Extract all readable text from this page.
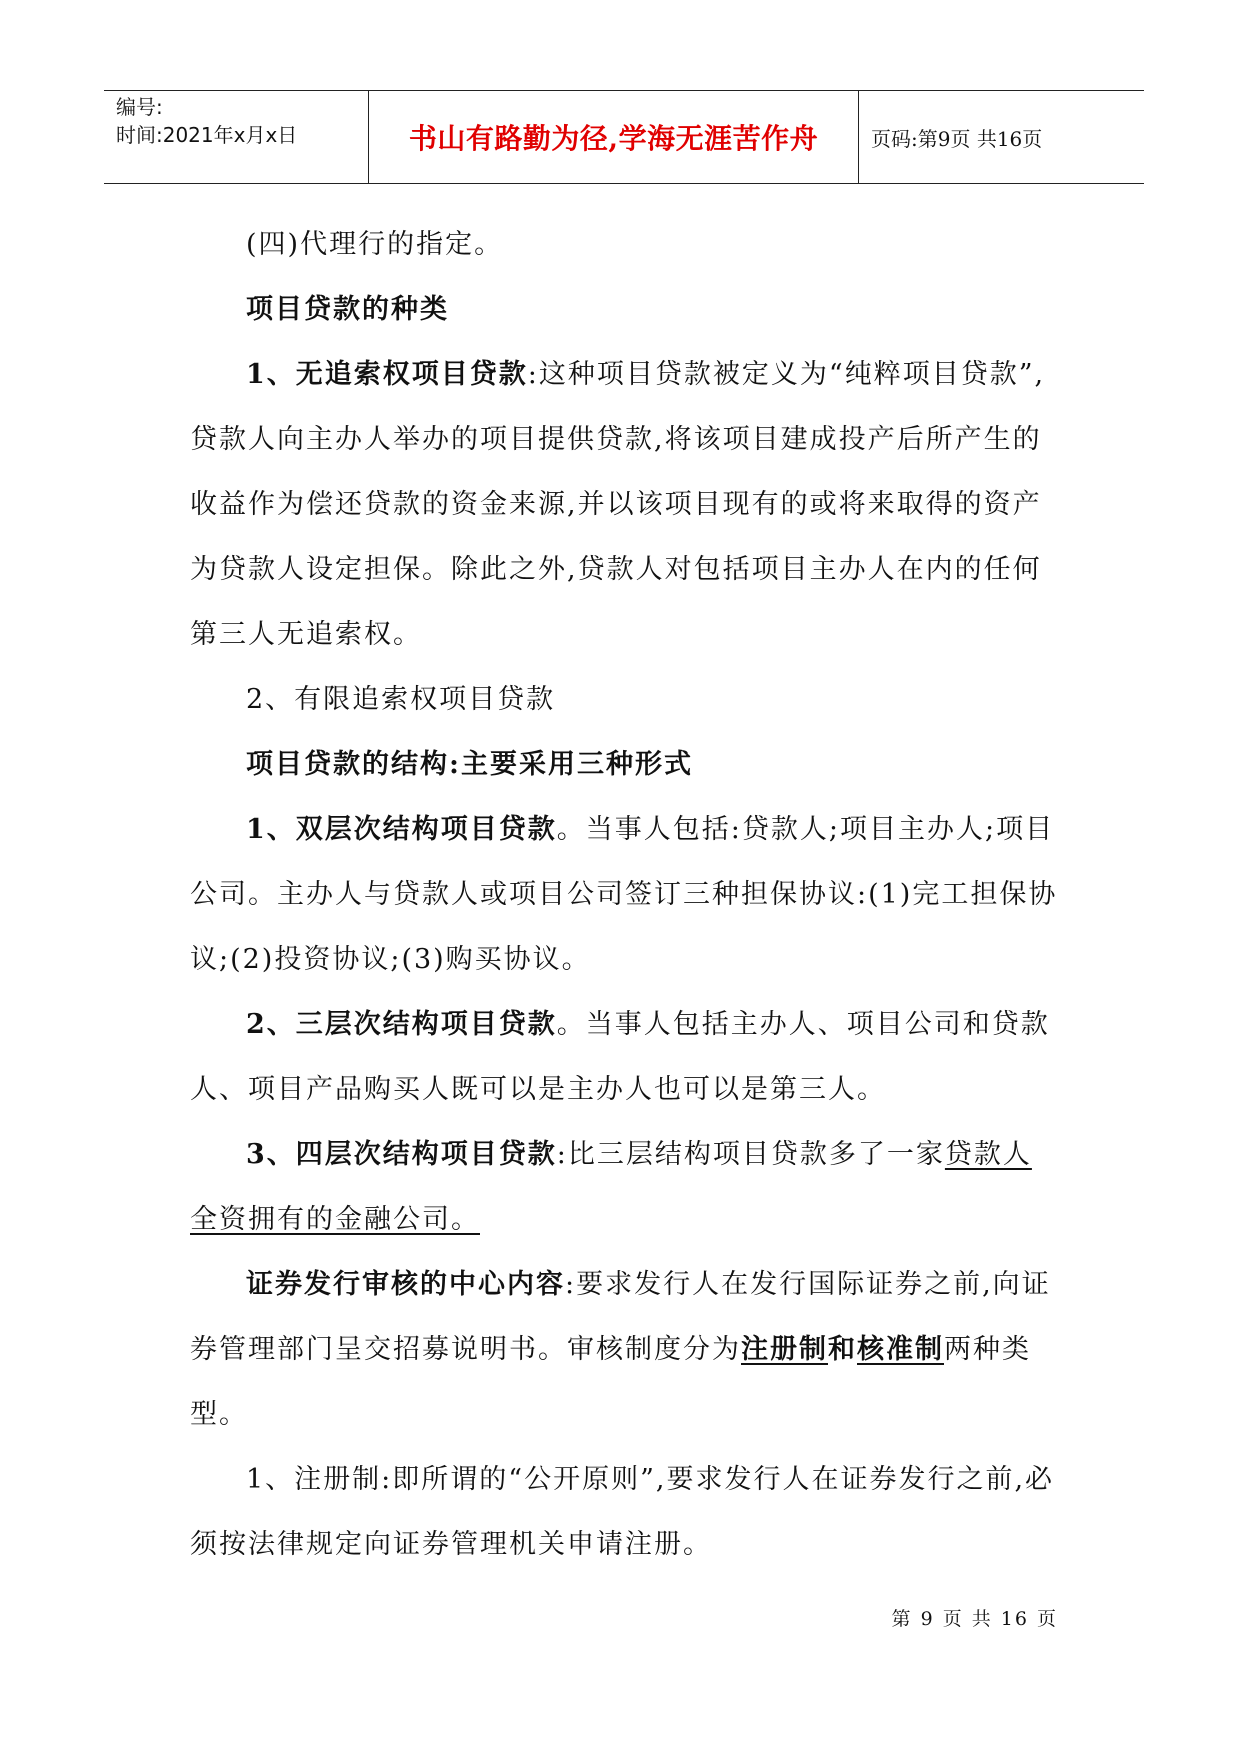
编号:
时间:2021年x月x日	书山有路勤为径,学海无涯苦作舟	页码:第9页 共16页

(四)代理行的指定。

项目贷款的种类

1、无追索权项目贷款:这种项目贷款被定义为“纯粹项目贷款”,贷款人向主办人举办的项目提供贷款,将该项目建成投产后所产生的收益作为偿还贷款的资金来源,并以该项目现有的或将来取得的资产为贷款人设定担保。除此之外,贷款人对包括项目主办人在内的任何第三人无追索权。

2、有限追索权项目贷款

项目贷款的结构:主要采用三种形式

1、双层次结构项目贷款。当事人包括:贷款人;项目主办人;项目公司。主办人与贷款人或项目公司签订三种担保协议:(1)完工担保协议;(2)投资协议;(3)购买协议。

2、三层次结构项目贷款。当事人包括主办人、项目公司和贷款人、项目产品购买人既可以是主办人也可以是第三人。

3、四层次结构项目贷款:比三层结构项目贷款多了一家贷款人全资拥有的金融公司。

证券发行审核的中心内容:要求发行人在发行国际证券之前,向证券管理部门呈交招募说明书。审核制度分为注册制和核准制两种类型。

1、注册制:即所谓的“公开原则”,要求发行人在证券发行之前,必须按法律规定向证券管理机关申请注册。

第 9 页 共 16 页
